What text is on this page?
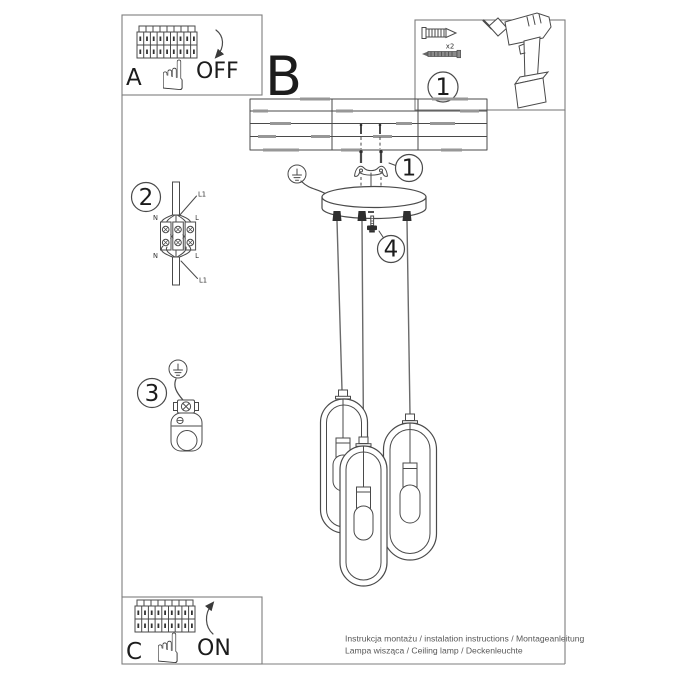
☝
A OFF B	x2
1
1
4
2
N	L
N	L
L1
L1
3
☝
C ON	Instrukcja montażu / instalation instructions / Montageanleitung
Lampa wisząca / Ceiling lamp / Deckenleuchte
